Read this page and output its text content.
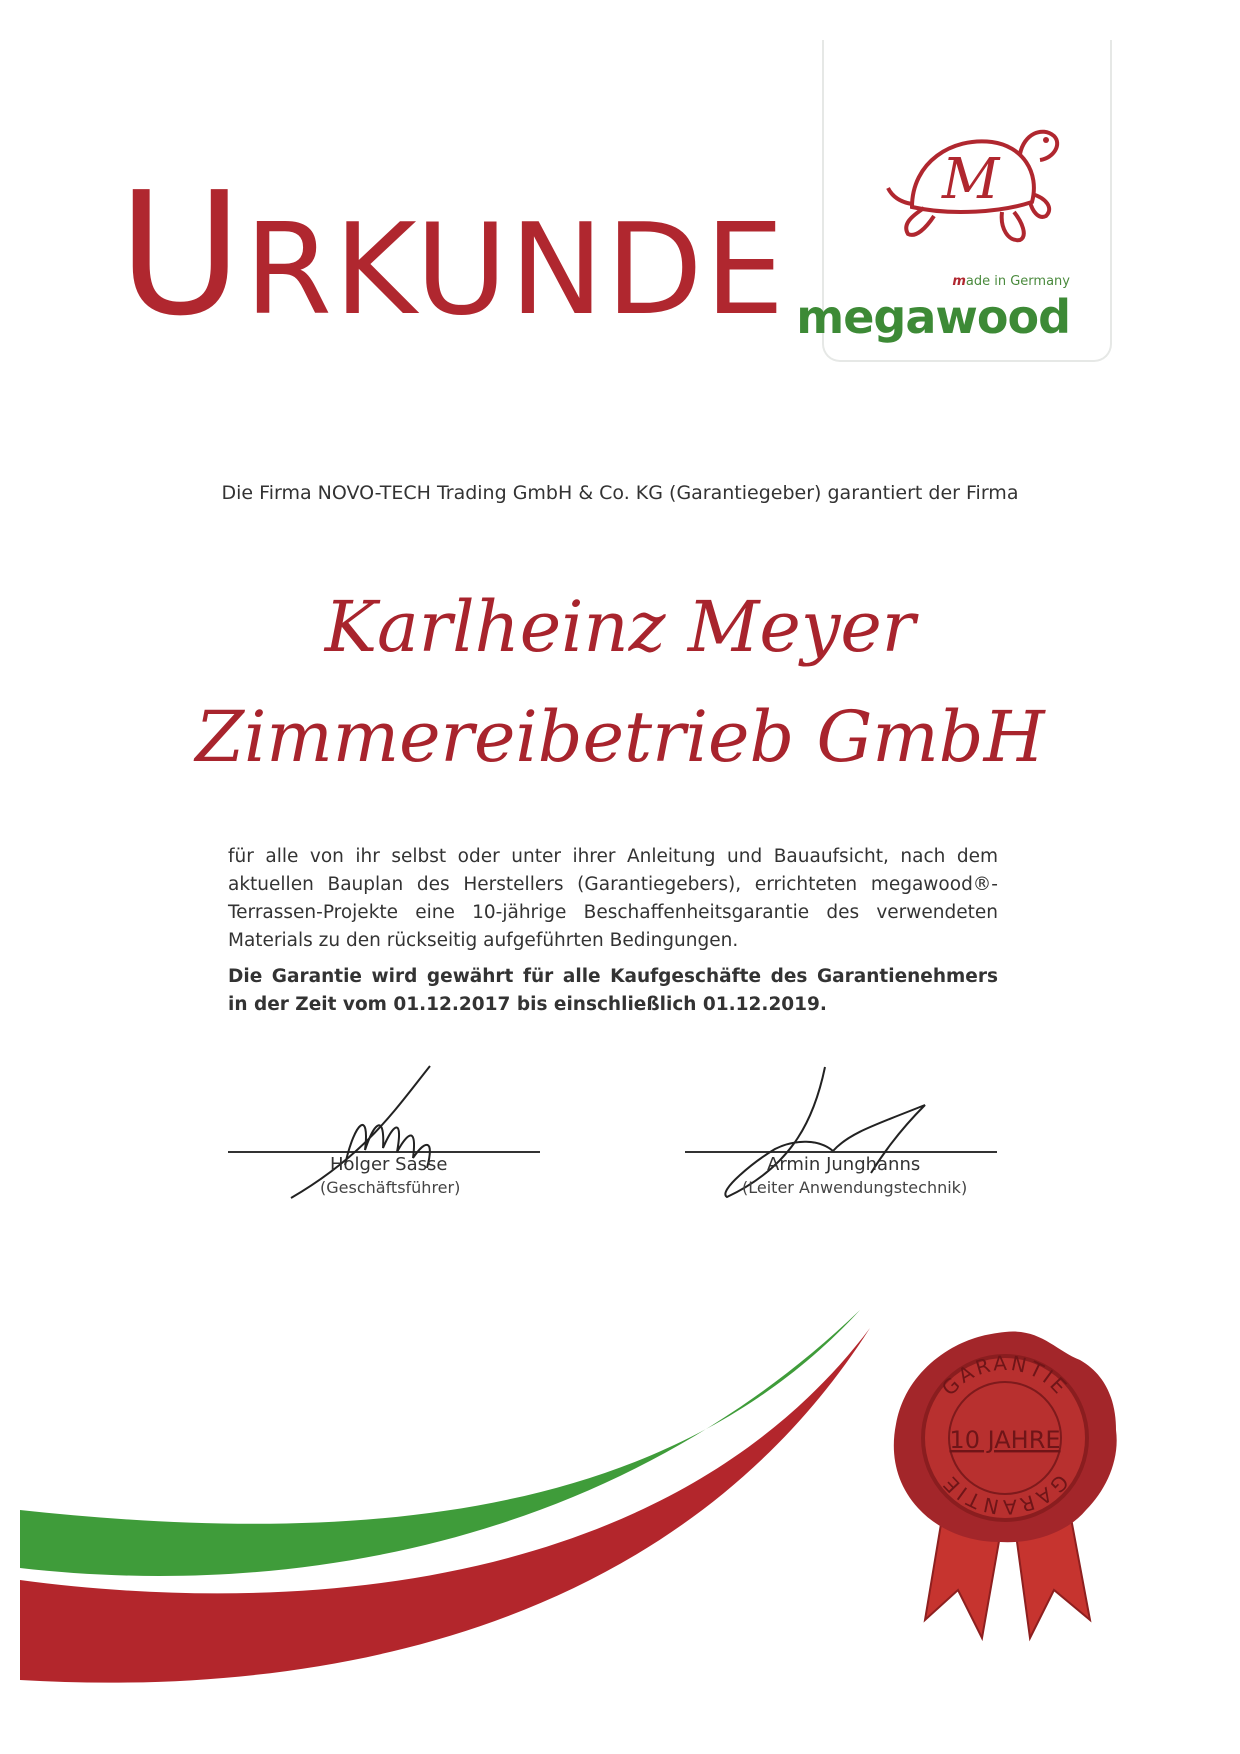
URKUNDE
M
made in Germany
megawood

Die Firma NOVO-TECH Trading GmbH & Co. KG (Garantiegeber) garantiert der Firma

Karlheinz Meyer
Zimmereibetrieb GmbH

für alle von ihr selbst oder unter ihrer Anleitung und Bauaufsicht, nach dem aktuellen Bauplan des Herstellers (Garantiegebers), errichteten megawood®-Terrassen-Projekte eine 10-jährige Beschaffenheitsgarantie des verwendeten Materials zu den rückseitig aufgeführten Bedingungen.

Die Garantie wird gewährt für alle Kaufgeschäfte des Garantienehmers in der Zeit vom 01.12.2017 bis einschließlich 01.12.2019.

Holger Sasse
(Geschäftsführer)
Armin Junghanns
(Leiter Anwendungstechnik)
GARANTIE
GARANTIE
10 JAHRE
